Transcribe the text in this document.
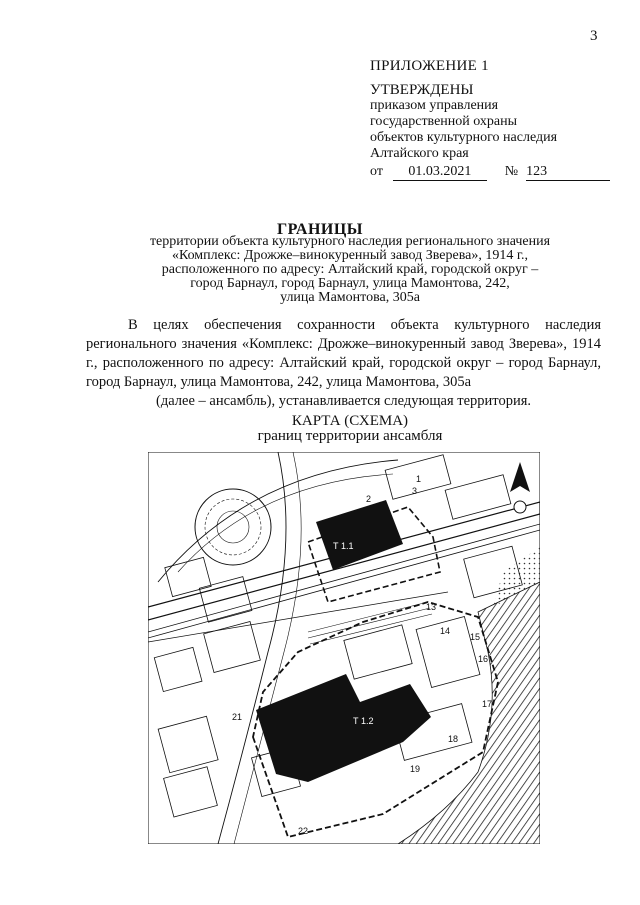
3
ПРИЛОЖЕНИЕ 1
УТВЕРЖДЕНЫ
приказом управления
государственной охраны
объектов культурного наследия
Алтайского края
от	01.03.2021	№ 123
ГРАНИЦЫ
территории объекта культурного наследия регионального значения
«Комплекс: Дрожже–винокуренный завод Зверева», 1914 г.,
расположенного по адресу: Алтайский край, городской округ –
город Барнаул, город Барнаул, улица Мамонтова, 242,
улица Мамонтова, 305а
В целях обеспечения сохранности объекта культурного наследия регионального значения «Комплекс: Дрожже–винокуренный завод Зверева», 1914 г., расположенного по адресу: Алтайский край, городской округ – город Барнаул, город Барнаул, улица Мамонтова, 242, улица Мамонтова, 305а
(далее – ансамбль), устанавливается следующая территория.
КАРТА (СХЕМА)
границ территории ансамбля
Т 1.1
Т 1.2
1
2
3
13
14
15
16
17
18
19
21
22
